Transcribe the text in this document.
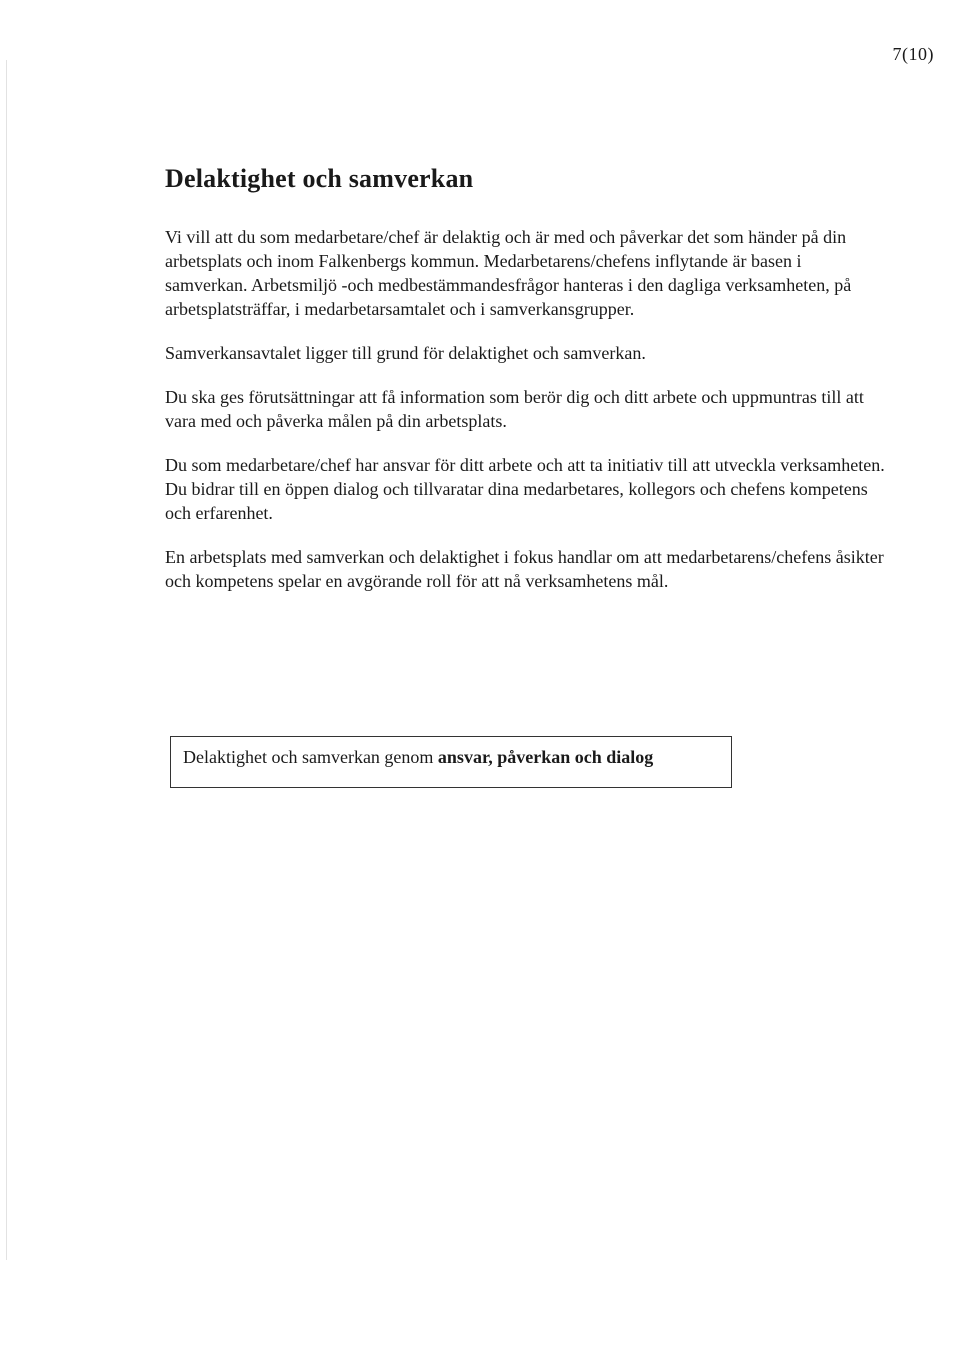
7(10)
Delaktighet och samverkan

Vi vill att du som medarbetare/chef är delaktig och är med och påverkar det som händer på din arbetsplats och inom Falkenbergs kommun. Medarbetarens/chefens inflytande är basen i samverkan. Arbetsmiljö -och medbestämmandesfrågor hanteras i den dagliga verksamheten, på arbetsplatsträffar, i medarbetarsamtalet och i samverkansgrupper.

Samverkansavtalet ligger till grund för delaktighet och samverkan.

Du ska ges förutsättningar att få information som berör dig och ditt arbete och uppmuntras till att vara med och påverka målen på din arbetsplats.

Du som medarbetare/chef har ansvar för ditt arbete och att ta initiativ till att utveckla verksamheten. Du bidrar till en öppen dialog och tillvaratar dina medarbetares, kollegors och chefens kompetens och erfarenhet.

En arbetsplats med samverkan och delaktighet i fokus handlar om att medarbetarens/chefens åsikter och kompetens spelar en avgörande roll för att nå verksamhetens mål.

Delaktighet och samverkan genom ansvar, påverkan och dialog
